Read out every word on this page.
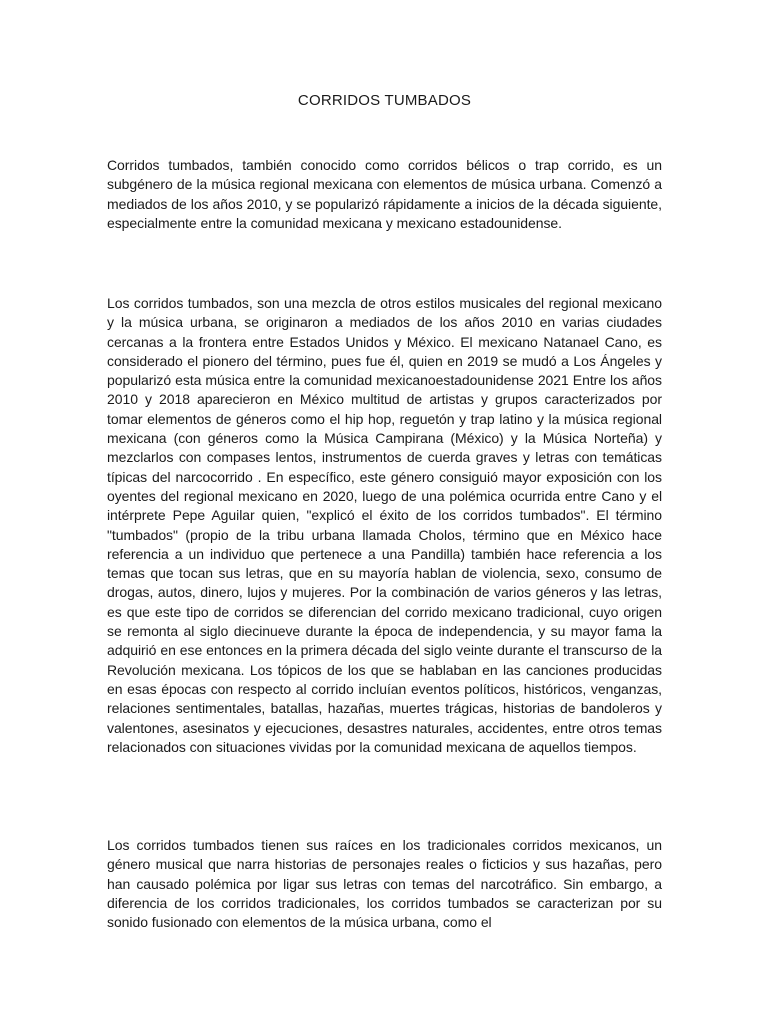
CORRIDOS TUMBADOS

Corridos tumbados, también conocido como corridos bélicos o trap corrido, es un subgénero de la música regional mexicana con elementos de música urbana. Comenzó a mediados de los años 2010, y se popularizó rápidamente a inicios de la década siguiente, especialmente entre la comunidad mexicana y mexicano estadounidense.

Los corridos tumbados, son una mezcla de otros estilos musicales del regional mexicano y la música urbana, se originaron a mediados de los años 2010 en varias ciudades cercanas a la frontera entre Estados Unidos y México. El mexicano Natanael Cano, es considerado el pionero del término, pues fue él, quien en 2019 se mudó a Los Ángeles y popularizó esta música entre la comunidad mexicanoestadounidense 2021 Entre los años 2010 y 2018 aparecieron en México multitud de artistas y grupos caracterizados por tomar elementos de géneros como el hip hop, reguetón y trap latino y la música regional mexicana (con géneros como la Música Campirana (México) y la Música Norteña) y mezclarlos con compases lentos, instrumentos de cuerda graves y letras con temáticas típicas del narcocorrido . En específico, este género consiguió mayor exposición con los oyentes del regional mexicano en 2020, luego de una polémica ocurrida entre Cano y el intérprete Pepe Aguilar quien, "explicó el éxito de los corridos tumbados". El término "tumbados" (propio de la tribu urbana llamada Cholos, término que en México hace referencia a un individuo que pertenece a una Pandilla) también hace referencia a los temas que tocan sus letras, que en su mayoría hablan de violencia, sexo, consumo de drogas, autos, dinero, lujos y mujeres. Por la combinación de varios géneros y las letras, es que este tipo de corridos se diferencian del corrido mexicano tradicional, cuyo origen se remonta al siglo diecinueve durante la época de independencia, y su mayor fama la adquirió en ese entonces en la primera década del siglo veinte durante el transcurso de la Revolución mexicana. Los tópicos de los que se hablaban en las canciones producidas en esas épocas con respecto al corrido incluían eventos políticos, históricos, venganzas, relaciones sentimentales, batallas, hazañas, muertes trágicas, historias de bandoleros y valentones, asesinatos y ejecuciones, desastres naturales, accidentes, entre otros temas relacionados con situaciones vividas por la comunidad mexicana de aquellos tiempos.

Los corridos tumbados tienen sus raíces en los tradicionales corridos mexicanos, un género musical que narra historias de personajes reales o ficticios y sus hazañas, pero han causado polémica por ligar sus letras con temas del narcotráfico. Sin embargo, a diferencia de los corridos tradicionales, los corridos tumbados se caracterizan por su sonido fusionado con elementos de la música urbana, como el
